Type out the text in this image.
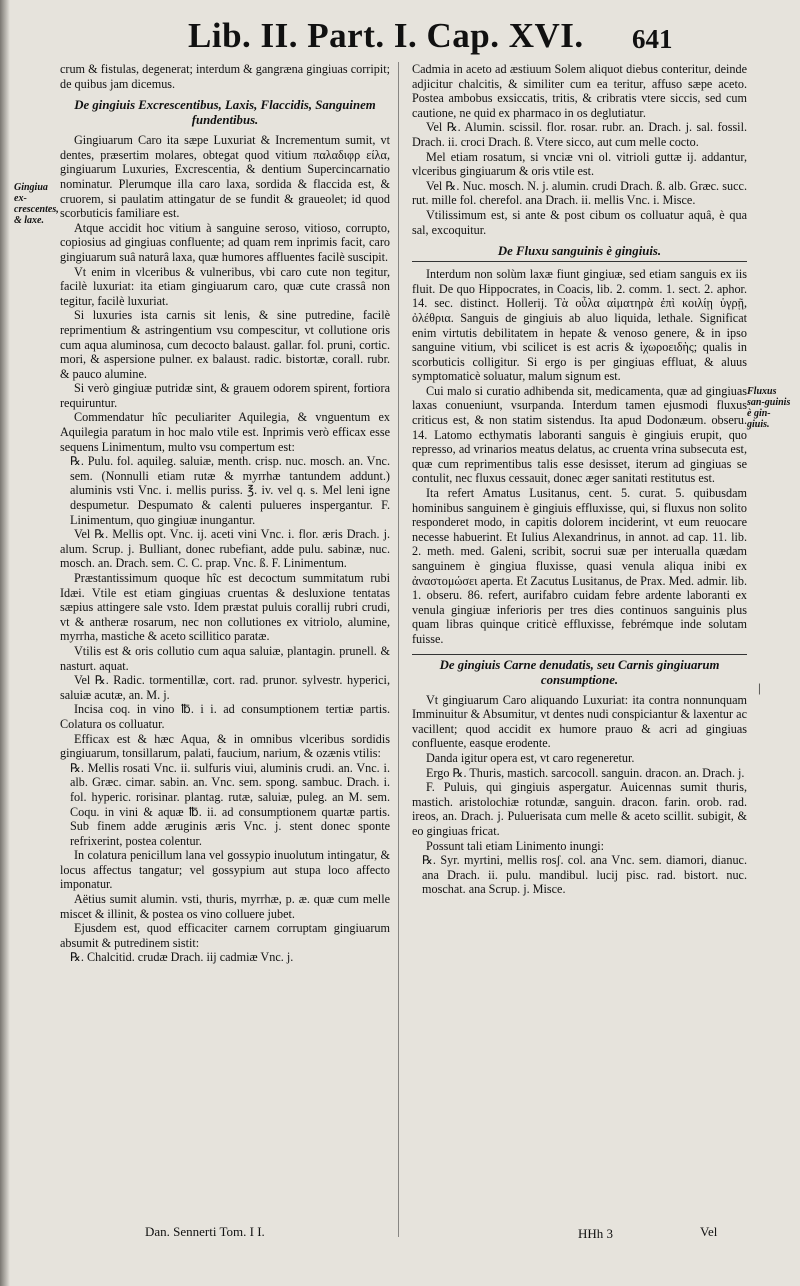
Lib. II. Part. I. Cap. XVI. 641
Gingiua ex-crescentes, & laxe.
Fluxus san-guinis è gin-giuis.

crum & fistulas, degenerat; interdum & gangræna gingiuas corripit; de quibus jam dicemus.

De gingiuis Excrescentibus, Laxis, Flaccidis, Sanguinem fundentibus.

Gingiuarum Caro ita sæpe Luxuriat & Incrementum sumit, vt dentes, præsertim molares, obtegat quod vitium παλαδιφρ είλα, gingiuarum Luxuries, Excrescentia, & dentium Supercincarnatio nominatur. Plerumque illa caro laxa, sordida & flaccida est, & cruorem, si paulatim attingatur de se fundit & graueolet; id quod scorbuticis familiare est.

Atque accidit hoc vitium à sanguine seroso, vitioso, corrupto, copiosius ad gingiuas confluente; ad quam rem inprimis facit, caro gingiuarum suâ naturâ laxa, quæ humores affluentes facilè suscipit.

Vt enim in vlceribus & vulneribus, vbi caro cute non tegitur, facilè luxuriat: ita etiam gingiuarum caro, quæ cute crassâ non tegitur, facilè luxuriat.

Si luxuries ista carnis sit lenis, & sine putredine, facilè reprimentium & astringentium vsu compescitur, vt collutione oris cum aqua aluminosa, cum decocto balaust. gallar. fol. pruni, cortic. mori, & aspersione pulner. ex balaust. radic. bistortæ, corall. rubr. & pauco alumine.

Si verò gingiuæ putridæ sint, & grauem odorem spirent, fortiora requiruntur.

Commendatur hîc peculiariter Aquilegia, & vnguentum ex Aquilegia paratum in hoc malo vtile est. Inprimis verò efficax esse sequens Linimentum, multo vsu compertum est:

℞. Pulu. fol. aquileg. saluiæ, menth. crisp. nuc. mosch. an. Vnc. sem. (Nonnulli etiam rutæ & myrrhæ tantundem addunt.) aluminis vsti Vnc. i. mellis puriss. ℥. iv. vel q. s. Mel leni igne despumetur. Despumato & calenti pulueres inspergantur. F. Linimentum, quo gingiuæ inungantur.

Vel ℞. Mellis opt. Vnc. ij. aceti vini Vnc. i. flor. æris Drach. j. alum. Scrup. j. Bulliant, donec rubefiant, adde pulu. sabinæ, nuc. mosch. an. Drach. sem. C. C. prap. Vnc. ß. F. Linimentum.

Præstantissimum quoque hîc est decoctum summitatum rubi Idæi. Vtile est etiam gingiuas cruentas & desluxione tentatas sæpius attingere sale vsto. Idem præstat puluis corallij rubri crudi, vt & antheræ rosarum, nec non collutiones ex vitriolo, alumine, myrrha, mastiche & aceto scillitico paratæ.

Vtilis est & oris collutio cum aqua saluiæ, plantagin. prunell. & nasturt. aquat.

Vel ℞. Radic. tormentillæ, cort. rad. prunor. sylvestr. hyperici, saluiæ acutæ, an. M. j.

Incisa coq. in vino ℔. i i. ad consumptionem tertiæ partis. Colatura os colluatur.

Efficax est & hæc Aqua, & in omnibus vlceribus sordidis gingiuarum, tonsillarum, palati, faucium, narium, & ozænis vtilis:

℞. Mellis rosati Vnc. ii. sulfuris viui, aluminis crudi. an. Vnc. i. alb. Græc. cimar. sabin. an. Vnc. sem. spong. sambuc. Drach. i. fol. hyperic. rorisinar. plantag. rutæ, saluiæ, puleg. an M. sem. Coqu. in vini & aquæ ℔. ii. ad consumptionem quartæ partis. Sub finem adde æruginis æris Vnc. j. stent donec sponte refrixerint, postea colentur.

In colatura penicillum lana vel gossypio inuolutum intingatur, & locus affectus tangatur; vel gossypium aut stupa loco affecto imponatur.

Aëtius sumit alumin. vsti, thuris, myrrhæ, p. æ. quæ cum melle miscet & illinit, & postea os vino colluere jubet.

Ejusdem est, quod efficaciter carnem corruptam gingiuarum absumit & putredinem sistit:

℞. Chalcitid. crudæ Drach. iij cadmiæ Vnc. j.

Cadmia in aceto ad æstiuum Solem aliquot diebus conteritur, deinde adjicitur chalcitis, & similiter cum ea teritur, affuso sæpe aceto. Postea ambobus exsiccatis, tritis, & cribratis vtere siccis, sed cum cautione, ne quid ex pharmaco in os deglutiatur.

Vel ℞. Alumin. scissil. flor. rosar. rubr. an. Drach. j. sal. fossil. Drach. ii. croci Drach. ß. Vtere sicco, aut cum melle cocto.

Mel etiam rosatum, si vnciæ vni ol. vitrioli guttæ ij. addantur, vlceribus gingiuarum & oris vtile est.

Vel ℞. Nuc. mosch. N. j. alumin. crudi Drach. ß. alb. Græc. succ. rut. mille fol. cherefol. ana Drach. ii. mellis Vnc. i. Misce.

Vtilissimum est, si ante & post cibum os colluatur aquâ, è qua sal, excoquitur.

De Fluxu sanguinis è gingiuis.

Interdum non solùm laxæ fiunt gingiuæ, sed etiam sanguis ex iis fluit. De quo Hippocrates, in Coacis, lib. 2. comm. 1. sect. 2. aphor. 14. sec. distinct. Hollerij. Τὰ οὖλα αἱματηρὰ ἐπὶ κοιλίῃ ὑγρῇ, ὀλέθρια. Sanguis de gingiuis ab aluo liquida, lethale. Significat enim virtutis debilitatem in hepate & venoso genere, & in ipso sanguine vitium, vbi scilicet is est acris & ἰχωροειδὴς; qualis in scorbuticis colligitur. Si ergo is per gingiuas effluat, & aluus symptomaticè soluatur, malum signum est.

Cui malo si curatio adhibenda sit, medicamenta, quæ ad gingiuas laxas conueniunt, vsurpanda. Interdum tamen ejusmodi fluxus criticus est, & non statim sistendus. Ita apud Dodonæum. obseru. 14. Latomo ecthymatis laboranti sanguis è gingiuis erupit, quo represso, ad vrinarios meatus delatus, ac cruenta vrina subsecuta est, quæ cum reprimentibus talis esse desisset, iterum ad gingiuas se contulit, nec fluxus cessauit, donec æger sanitati restitutus est.

Ita refert Amatus Lusitanus, cent. 5. curat. 5. quibusdam hominibus sanguinem è gingiuis effluxisse, qui, si fluxus non solito responderet modo, in capitis dolorem inciderint, vt eum reuocare necesse habuerint. Et Iulius Alexandrinus, in annot. ad cap. 11. lib. 2. meth. med. Galeni, scribit, socrui suæ per interualla quædam sanguinem è gingiua fluxisse, quasi venula aliqua inibi ex ἀναστομώσει aperta. Et Zacutus Lusitanus, de Prax. Med. admir. lib. 1. obseru. 86. refert, aurifabro cuidam febre ardente laboranti ex venula gingiuæ inferioris per tres dies continuos sanguinis plus quam libras quinque criticè effluxisse, febrémque inde solutam fuisse.

De gingiuis Carne denudatis, seu Carnis gingiuarum consumptione.

Vt gingiuarum Caro aliquando Luxuriat: ita contra nonnunquam Imminuitur & Absumitur, vt dentes nudi conspiciantur & laxentur ac vacillent; quod accidit ex humore prauo & acri ad gingiuas confluente, easque erodente.

Danda igitur opera est, vt caro regeneretur.

Ergo ℞. Thuris, mastich. sarcocoll. sanguin. dracon. an. Drach. j.

F. Puluis, qui gingiuis aspergatur. Auicennas sumit thuris, mastich. aristolochiæ rotundæ, sanguin. dracon. farin. orob. rad. ireos, an. Drach. j. Puluerisata cum melle & aceto scillit. subigit, & eo gingiuas fricat.

Possunt tali etiam Linimento inungi:

℞. Syr. myrtini, mellis rosʃ. col. ana Vnc. sem. diamori, dianuc. ana Drach. ii. pulu. mandibul. lucij pisc. rad. bistort. nuc. moschat. ana Scrup. j. Misce.

|
Dan. Sennerti Tom. I I.	HHh 3	Vel
